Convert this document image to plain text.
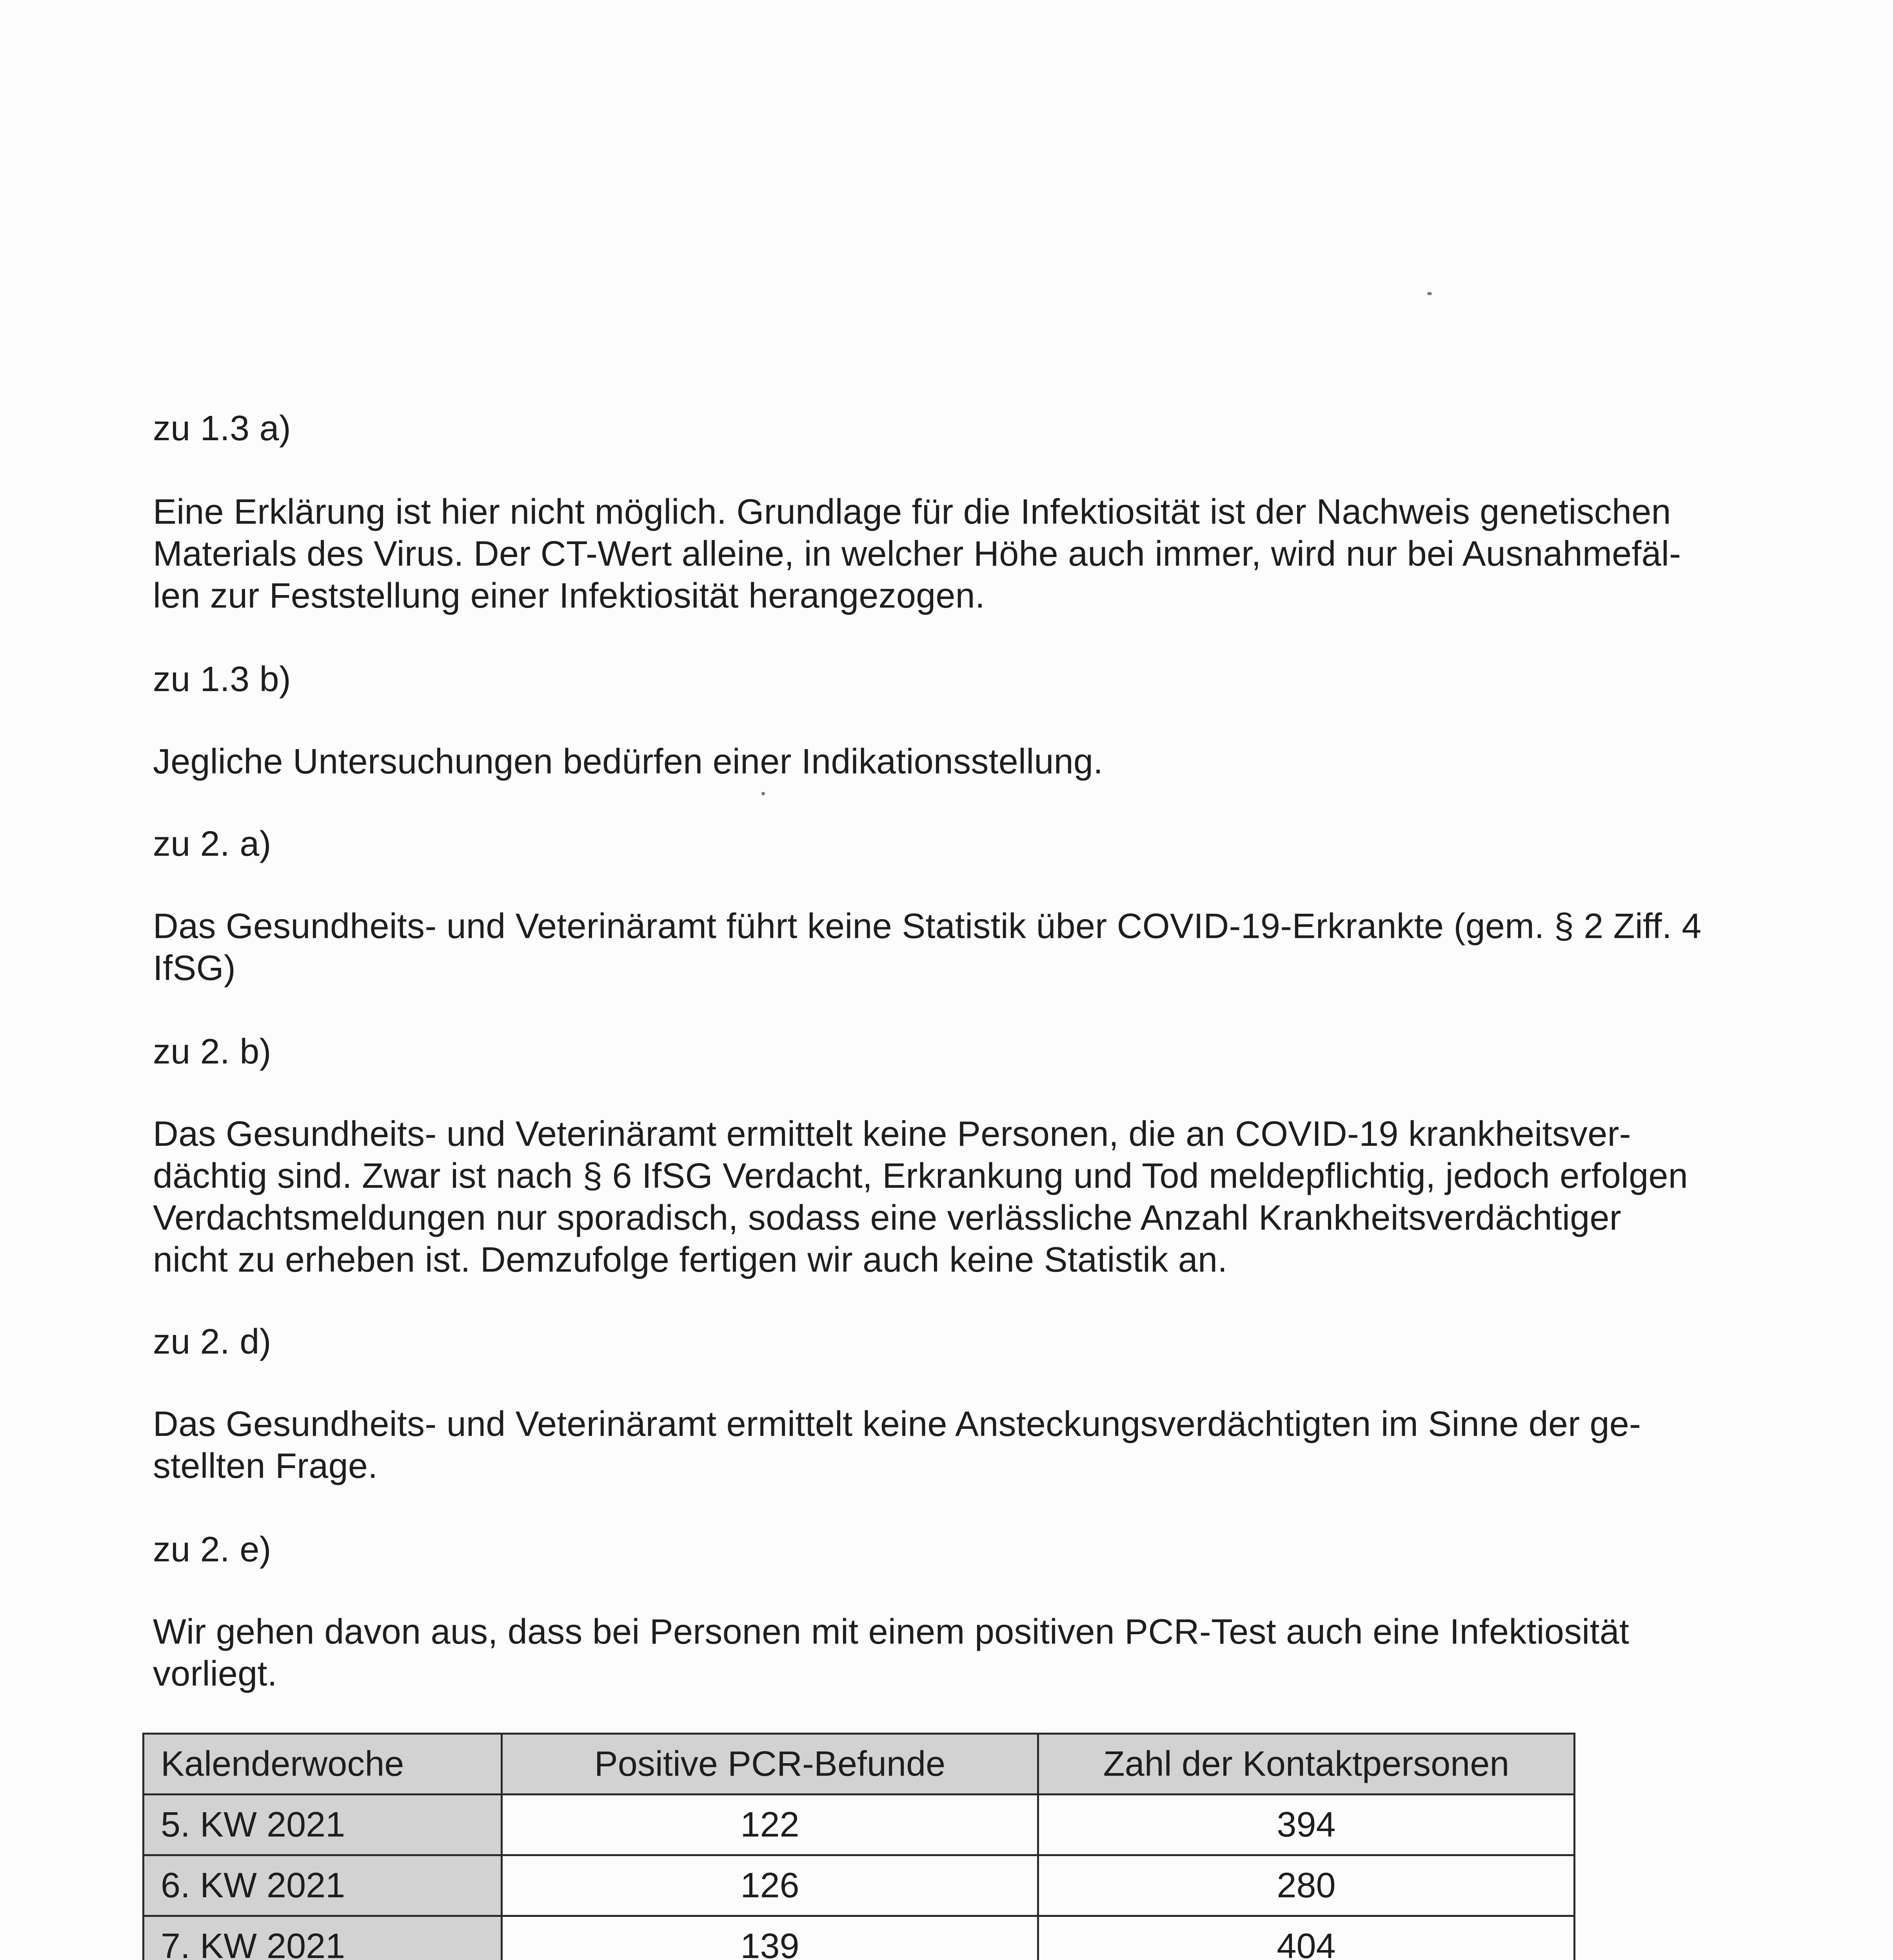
zu 1.3 a)
Eine Erklärung ist hier nicht möglich. Grundlage für die Infektiosität ist der Nachweis genetischen
Materials des Virus. Der CT-Wert alleine, in welcher Höhe auch immer, wird nur bei Ausnahmefäl-
len zur Feststellung einer Infektiosität herangezogen.
zu 1.3 b)
Jegliche Untersuchungen bedürfen einer Indikationsstellung.
zu 2. a)
Das Gesundheits- und Veterinäramt führt keine Statistik über COVID-19-Erkrankte (gem. § 2 Ziff. 4
IfSG)
zu 2. b)
Das Gesundheits- und Veterinäramt ermittelt keine Personen, die an COVID-19 krankheitsver-
dächtig sind. Zwar ist nach § 6 IfSG Verdacht, Erkrankung und Tod meldepflichtig, jedoch erfolgen
Verdachtsmeldungen nur sporadisch, sodass eine verlässliche Anzahl Krankheitsverdächtiger
nicht zu erheben ist. Demzufolge fertigen wir auch keine Statistik an.
zu 2. d)
Das Gesundheits- und Veterinäramt ermittelt keine Ansteckungsverdächtigten im Sinne der ge-
stellten Frage.
zu 2. e)
Wir gehen davon aus, dass bei Personen mit einem positiven PCR-Test auch eine Infektiosität
vorliegt.
Kalenderwoche	Positive PCR-Befunde	Zahl der Kontaktpersonen
5. KW 2021	122	394
6. KW 2021	126	280
7. KW 2021	139	404
